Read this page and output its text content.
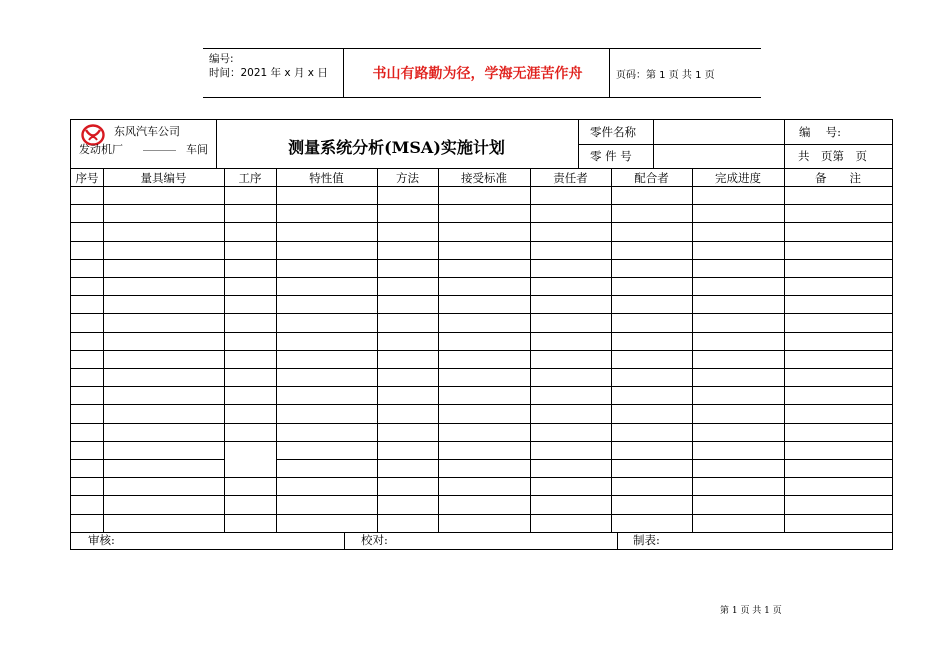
编号:
时间：2021 年 x 月 x 日	书山有路勤为径，学海无涯苦作舟	页码：第 1 页 共 1 页
东风汽车公司
发动机厂 ______ 车间	测量系统分析(MSA)实施计划
零件名称
零 件 号
编　 号:
共　页第　页
审核:	校对:	制表:
序号	量具编号	工序	特性值	方法	接受标准	责任者	配合者	完成进度	备　　注
第 1 页 共 1 页
